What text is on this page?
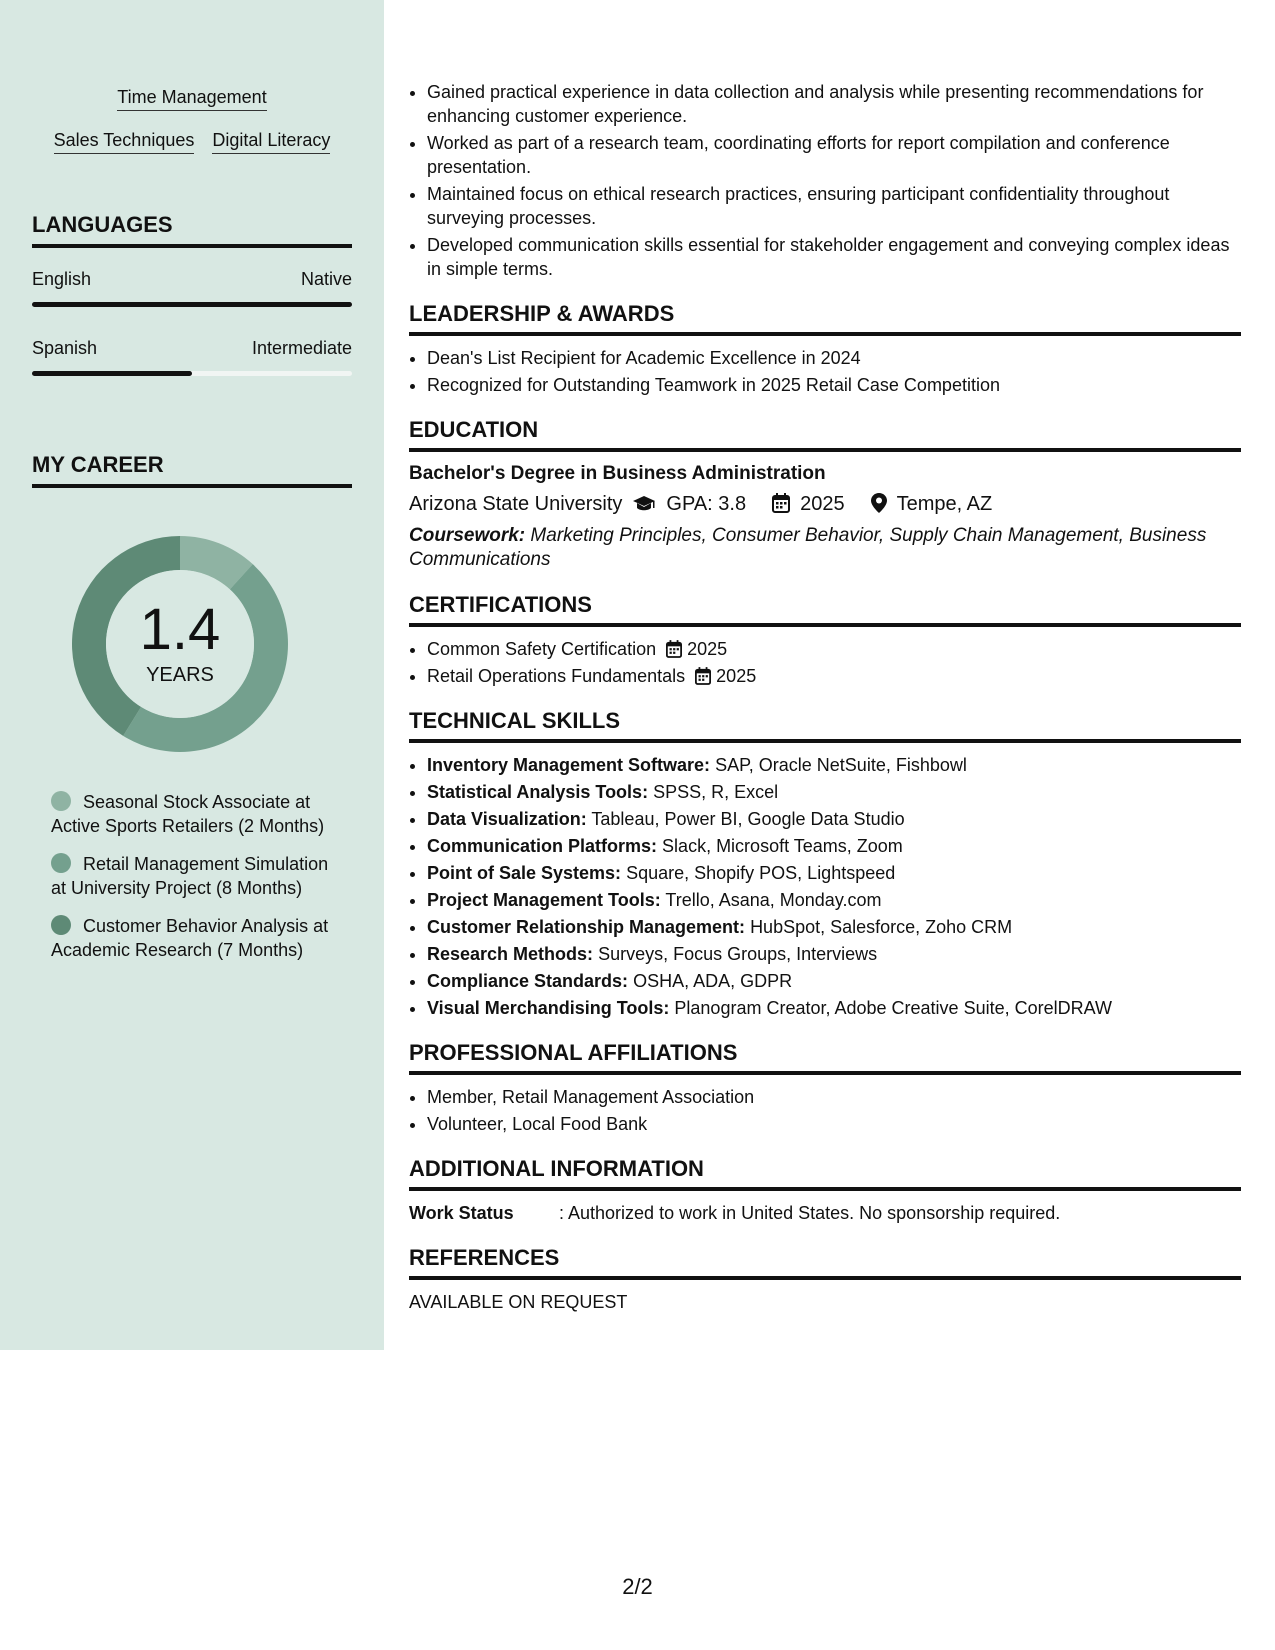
Time Management
Sales Techniques Digital Literacy
LANGUAGES
English	Native
Spanish	Intermediate
MY CAREER
1.4
YEARS
Seasonal Stock Associate at Active Sports Retailers (2 Months)
Retail Management Simulation at University Project (8 Months)
Customer Behavior Analysis at Academic Research (7 Months)
• Gained practical experience in data collection and analysis while presenting recommendations for enhancing customer experience.
• Worked as part of a research team, coordinating efforts for report compilation and conference presentation.
• Maintained focus on ethical research practices, ensuring participant confidentiality throughout surveying processes.
• Developed communication skills essential for stakeholder engagement and conveying complex ideas in simple terms.
LEADERSHIP & AWARDS
• Dean's List Recipient for Academic Excellence in 2024
• Recognized for Outstanding Teamwork in 2025 Retail Case Competition
EDUCATION
Bachelor's Degree in Business Administration
Arizona State University GPA: 3.8	2025	Tempe, AZ
Coursework: Marketing Principles, Consumer Behavior, Supply Chain Management, Business Communications
CERTIFICATIONS
• Common Safety Certification 2025
• Retail Operations Fundamentals 2025
TECHNICAL SKILLS
• Inventory Management Software: SAP, Oracle NetSuite, Fishbowl
• Statistical Analysis Tools: SPSS, R, Excel
• Data Visualization: Tableau, Power BI, Google Data Studio
• Communication Platforms: Slack, Microsoft Teams, Zoom
• Point of Sale Systems: Square, Shopify POS, Lightspeed
• Project Management Tools: Trello, Asana, Monday.com
• Customer Relationship Management: HubSpot, Salesforce, Zoho CRM
• Research Methods: Surveys, Focus Groups, Interviews
• Compliance Standards: OSHA, ADA, GDPR
• Visual Merchandising Tools: Planogram Creator, Adobe Creative Suite, CorelDRAW
PROFESSIONAL AFFILIATIONS
• Member, Retail Management Association
• Volunteer, Local Food Bank
ADDITIONAL INFORMATION
Work Status	: Authorized to work in United States. No sponsorship required.
REFERENCES
AVAILABLE ON REQUEST
2/2
